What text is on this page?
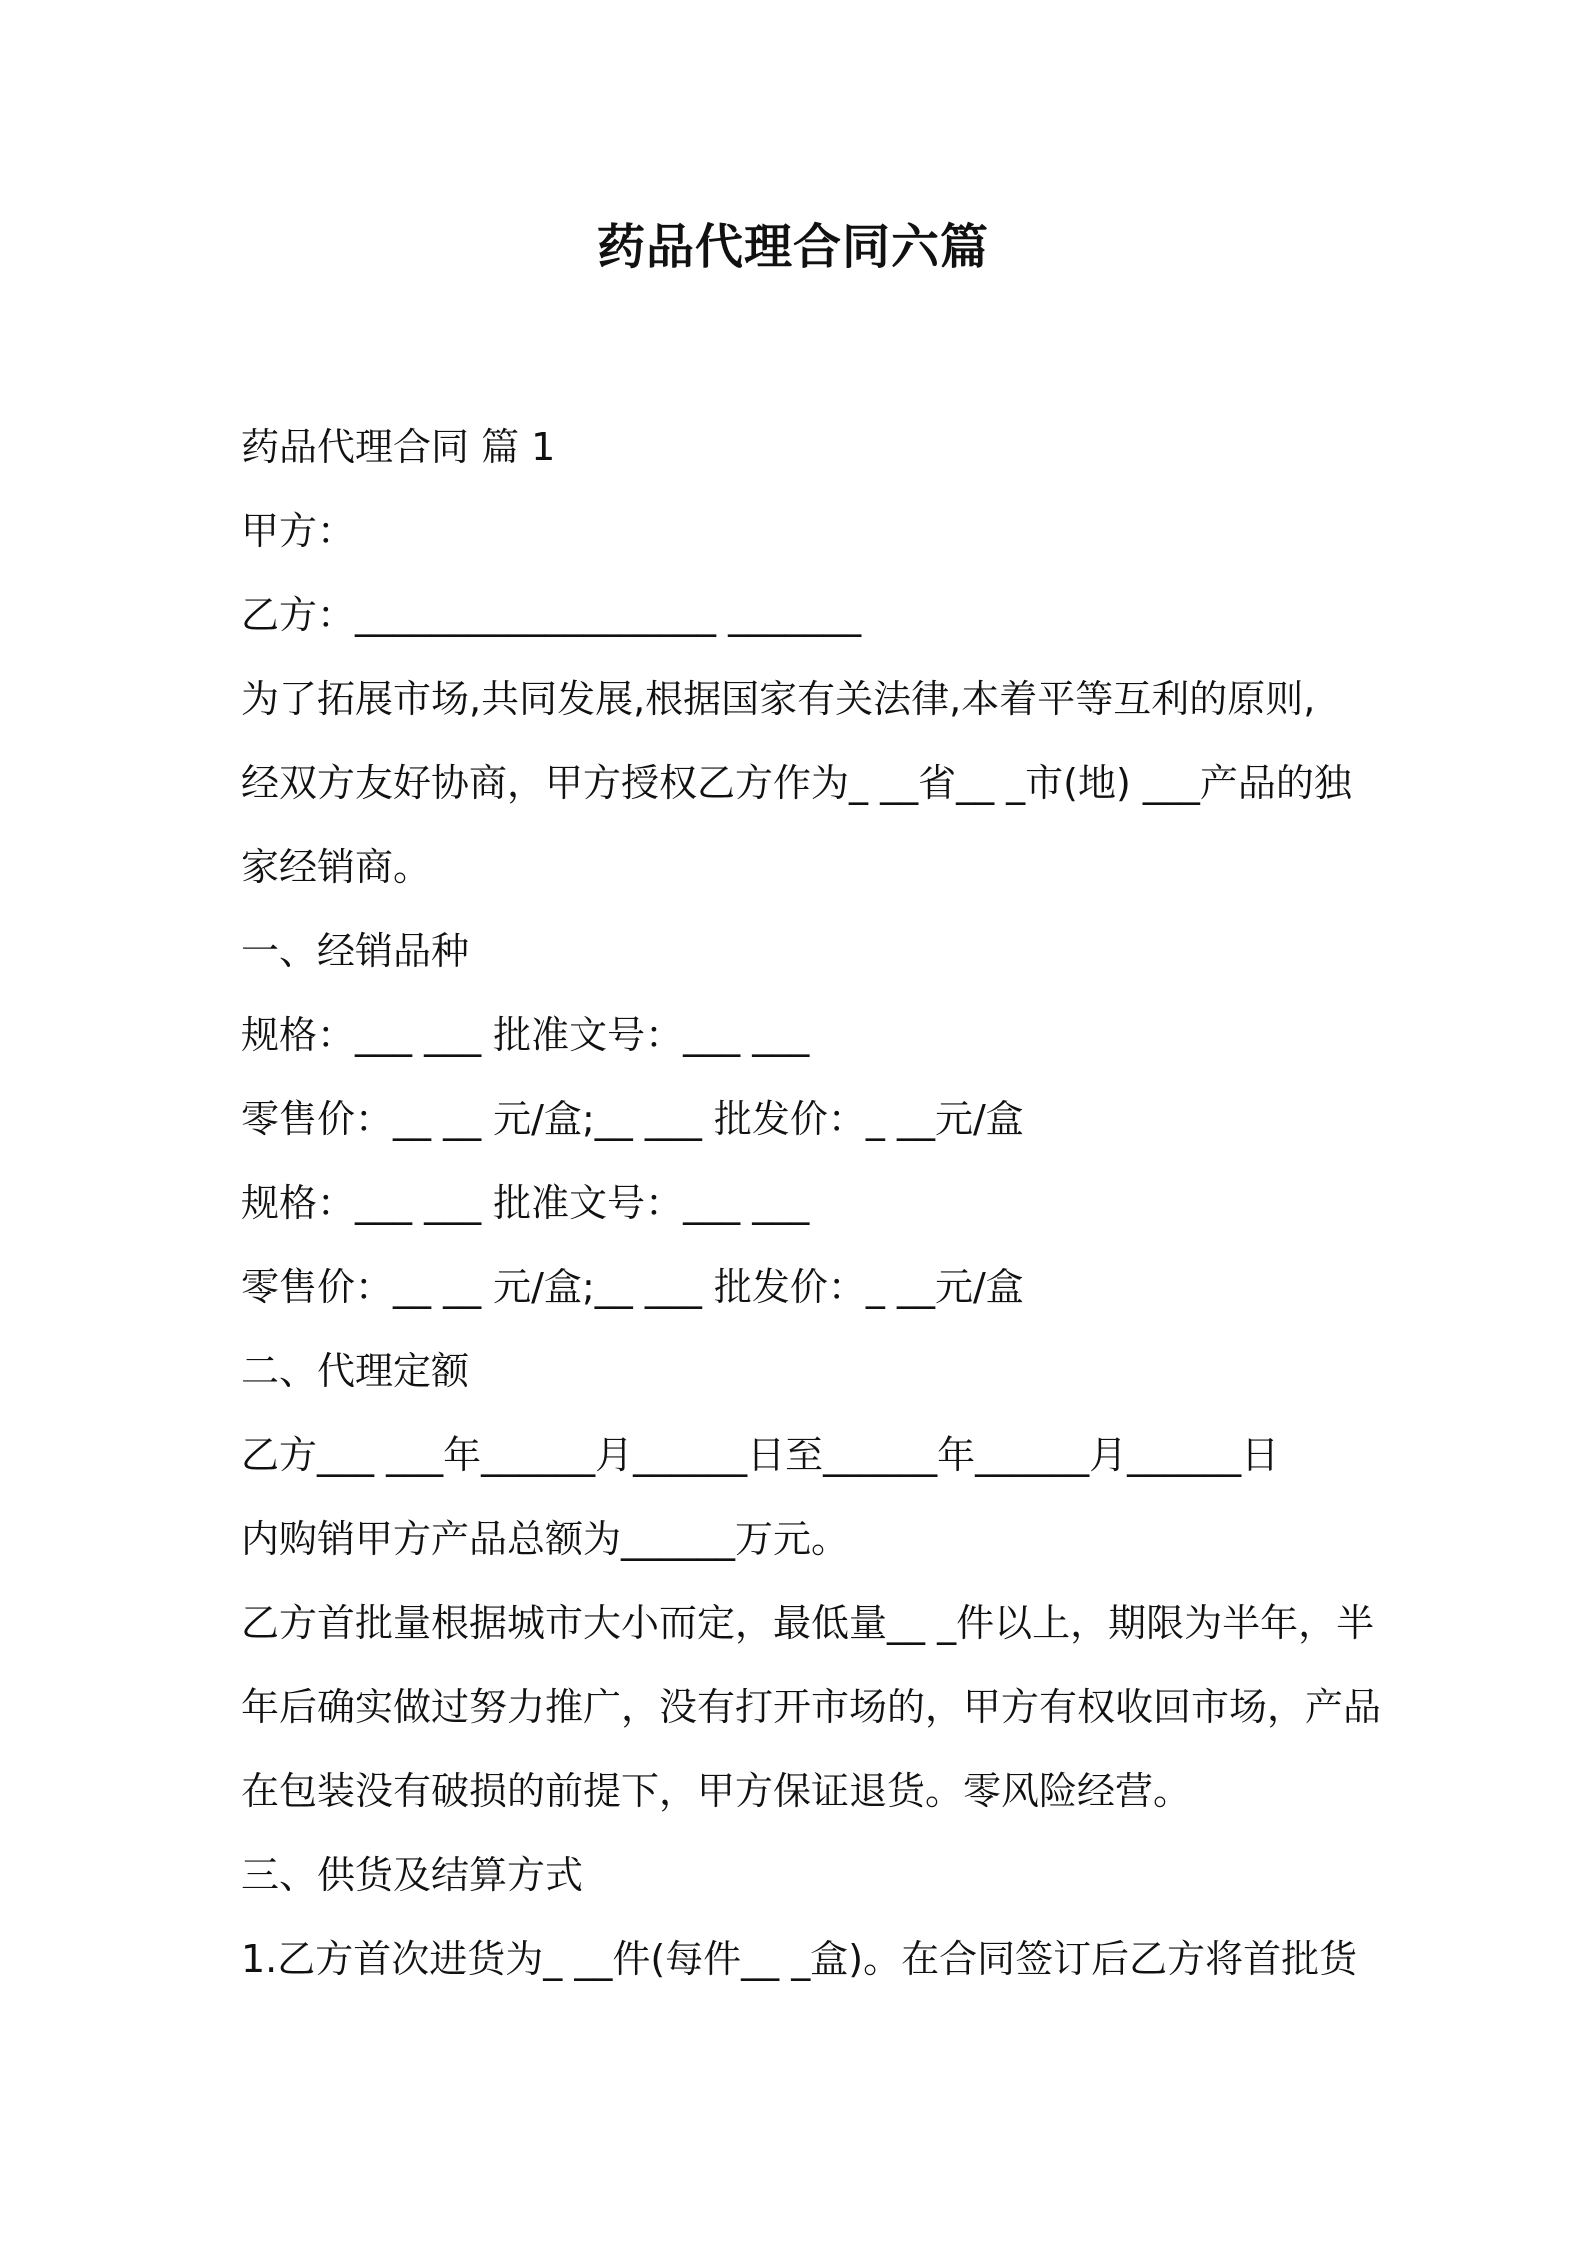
药品代理合同六篇
药品代理合同 篇 1
甲方：
乙方：___________________ _______
为了拓展市场,共同发展,根据国家有关法律,本着平等互利的原则,
经双方友好协商，甲方授权乙方作为_ __省__ _市(地) ___产品的独
家经销商。
一、经销品种
规格：___ ___ 批准文号：___ ___
零售价：__ __ 元/盒;__ ___ 批发价：_ __元/盒
规格：___ ___ 批准文号：___ ___
零售价：__ __ 元/盒;__ ___ 批发价：_ __元/盒
二、代理定额
乙方___ ___年______月______日至______年______月______日
内购销甲方产品总额为______万元。
乙方首批量根据城市大小而定，最低量__ _件以上，期限为半年，半
年后确实做过努力推广，没有打开市场的，甲方有权收回市场，产品
在包装没有破损的前提下，甲方保证退货。零风险经营。
三、供货及结算方式
1.乙方首次进货为_ __件(每件__ _盒)。在合同签订后乙方将首批货
